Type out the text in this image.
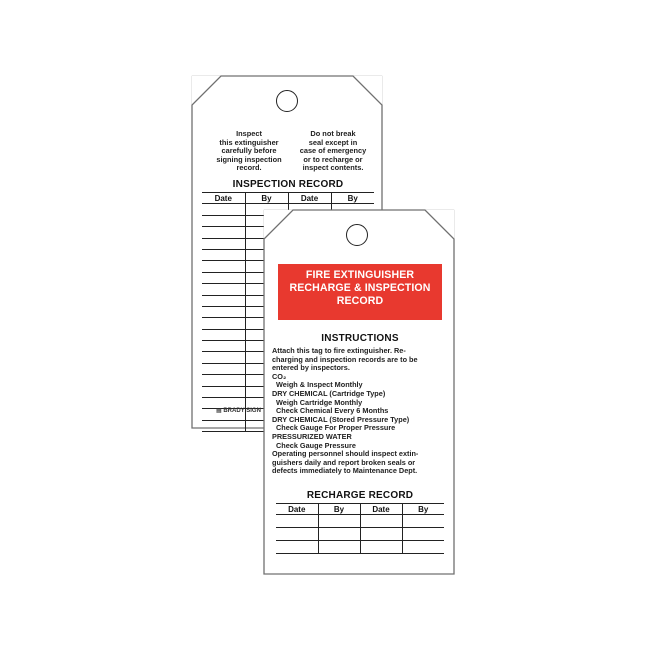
Inspect
this extinguisher
carefully before
signing inspection
record.
Do not break
seal except in
case of emergency
or to recharge or
inspect contents.
INSPECTION RECORD
Date	By	Date	By

▦ BRADY SIGN
FIRE EXTINGUISHER
RECHARGE & INSPECTION
RECORD
INSTRUCTIONS
Attach this tag to fire extinguisher. Re-
charging and inspection records are to be
entered by inspectors.
CO₂
Weigh & Inspect Monthly
DRY CHEMICAL (Cartridge Type)
Weigh Cartridge Monthly
Check Chemical Every 6 Months
DRY CHEMICAL (Stored Pressure Type)
Check Gauge For Proper Pressure
PRESSURIZED WATER
Check Gauge Pressure
Operating personnel should inspect extin-
guishers daily and report broken seals or
defects immediately to Maintenance Dept.
RECHARGE RECORD
Date	By	Date	By
